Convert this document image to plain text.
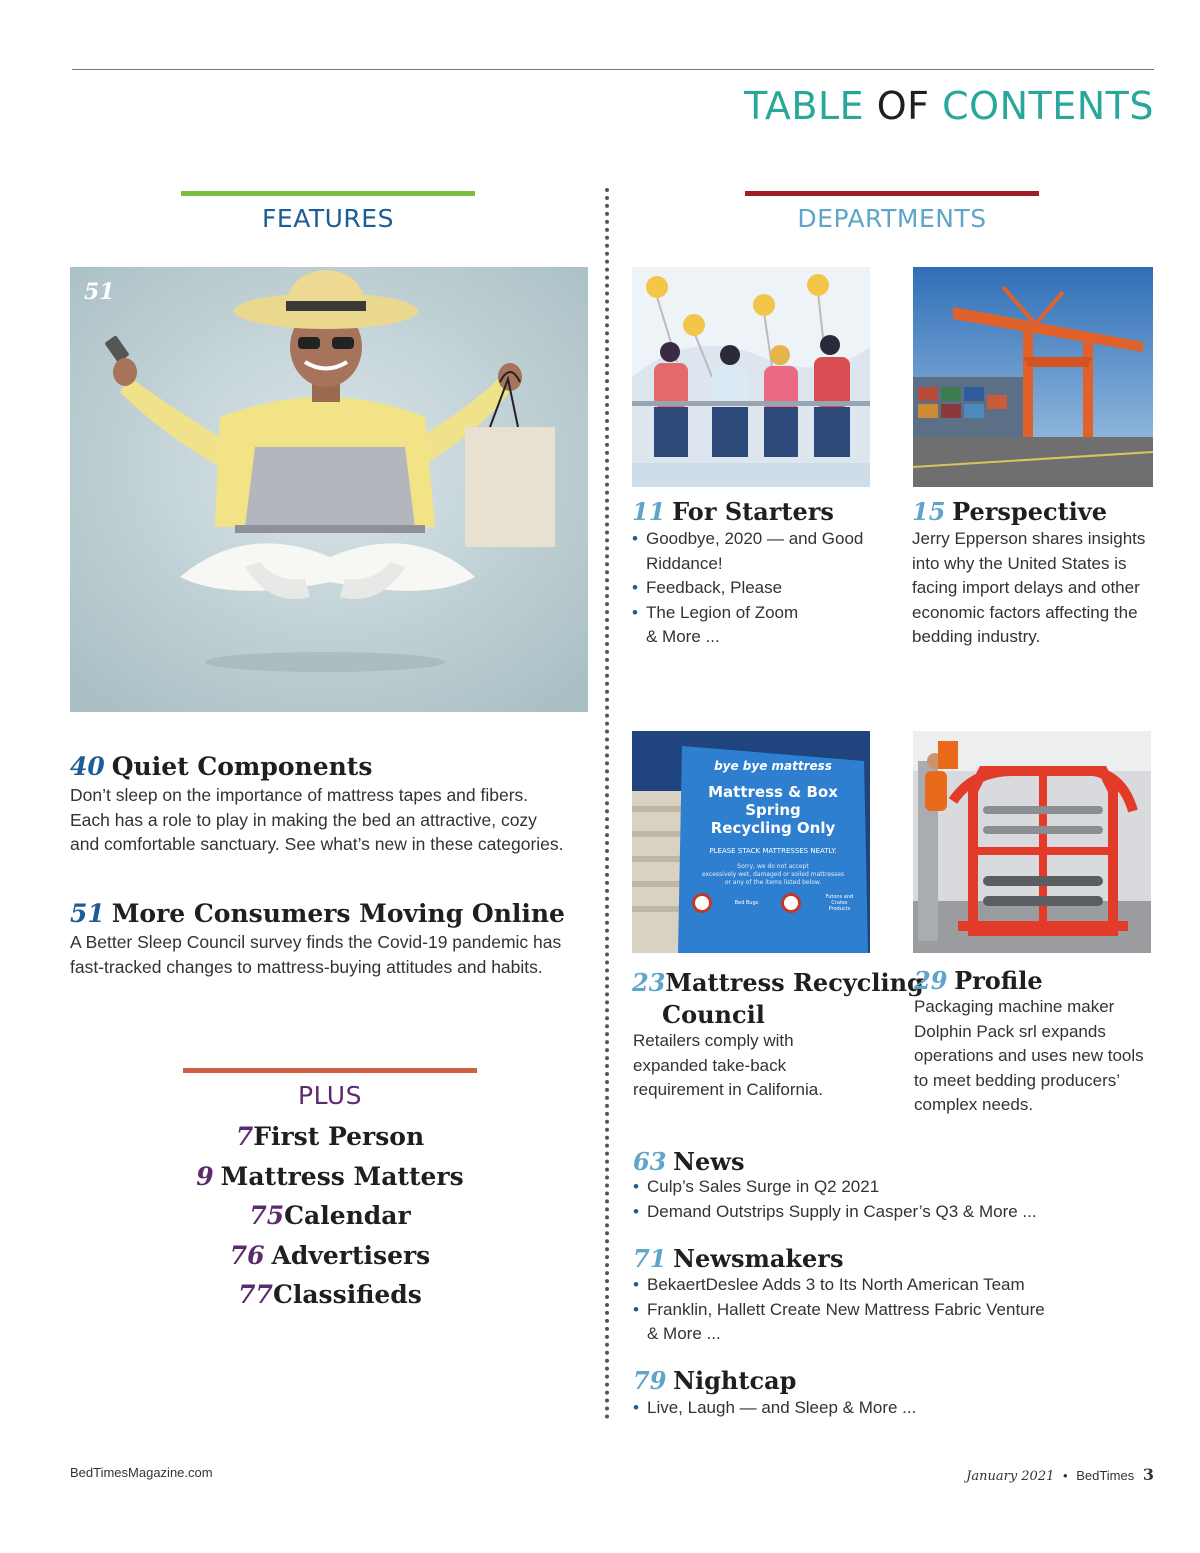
TABLE OF CONTENTS
FEATURES
51
40 Quiet Components
Don’t sleep on the importance of mattress tapes and fibers. Each has a role to play in making the bed an attractive, cozy and comfortable sanctuary. See what’s new in these categories.
51 More Consumers Moving Online
A Better Sleep Council survey finds the Covid-19 pandemic has fast-tracked changes to mattress-buying attitudes and habits.
PLUS
7First Person
9 Mattress Matters
75Calendar
76 Advertisers
77Classifieds
DEPARTMENTS
11 For Starters
• Goodbye, 2020 — and Good Riddance!
• Feedback, Please
• The Legion of Zoom
& More ...
15 Perspective
Jerry Epperson shares insights into why the United States is facing import delays and other economic factors affecting the bedding industry.
bye bye mattress
Mattress & Box Spring
Recycling Only
PLEASE STACK MATTRESSES NEATLY.
Sorry, we do not accept
excessively wet, damaged or soiled mattresses
or any of the items listed below.
Bed Bugs
Futons and Crates Products
23Mattress Recycling
Council
Retailers comply with expanded take-back requirement in California.
29 Profile
Packaging machine maker Dolphin Pack srl expands operations and uses new tools to meet bedding producers’ complex needs.
63 News
• Culp’s Sales Surge in Q2 2021
• Demand Outstrips Supply in Casper’s Q3 & More ...
71 Newsmakers
• BekaertDeslee Adds 3 to Its North American Team
• Franklin, Hallett Create New Mattress Fabric Venture
& More ...
79 Nightcap
• Live, Laugh — and Sleep & More ...
BedTimesMagazine.com	January 2021 • BedTimes 3
